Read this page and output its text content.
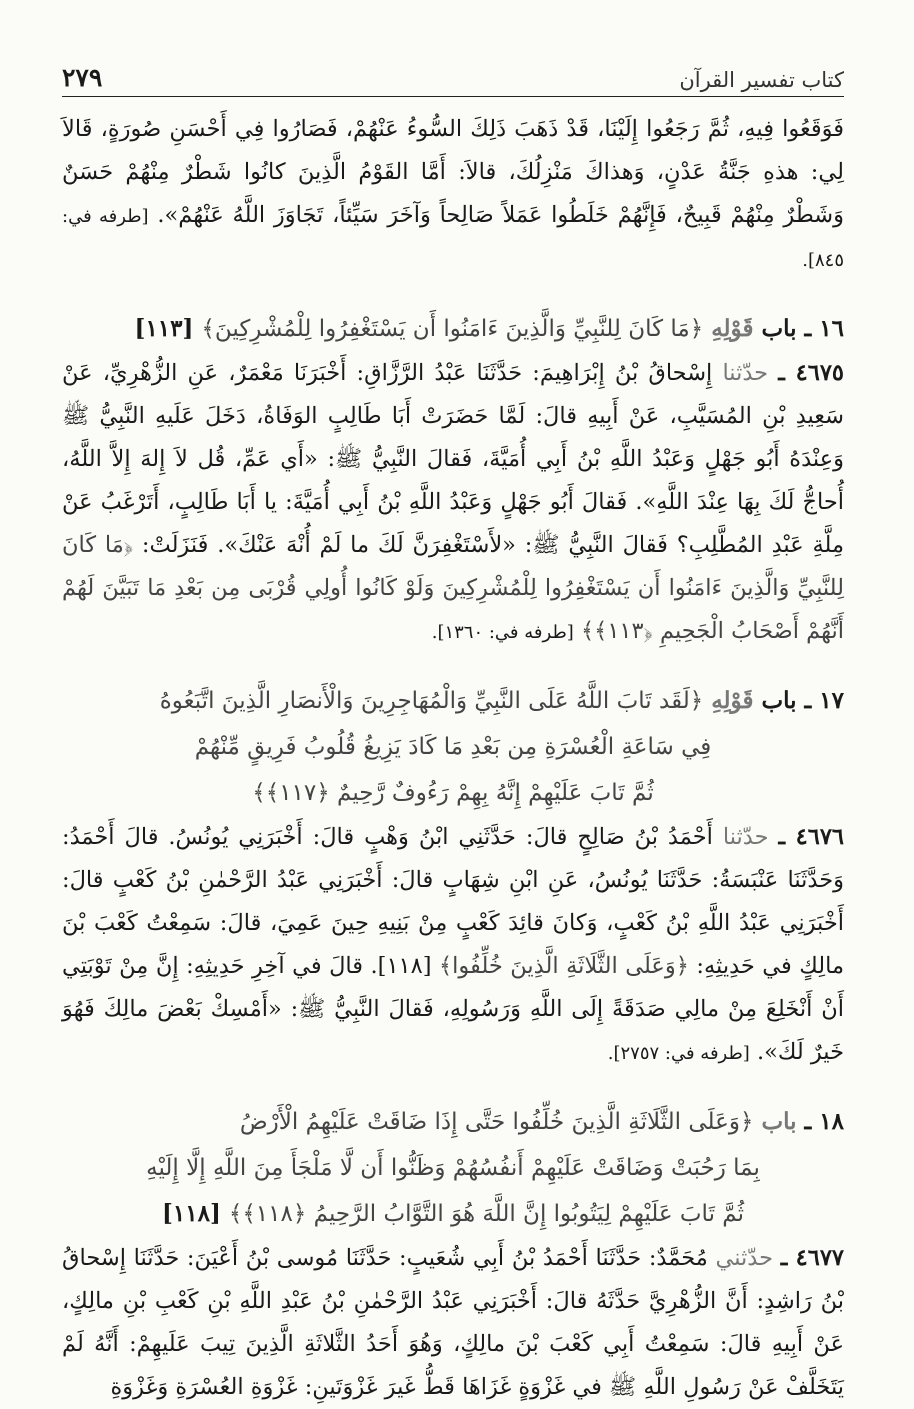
كتاب تفسير القرآن
٢٧٩

فَوَقَعُوا فِيهِ، ثُمَّ رَجَعُوا إِلَيْنَا، قَدْ ذَهَبَ ذَلِكَ السُّوءُ عَنْهُمْ، فَصَارُوا فِي أَحْسَنِ صُورَةٍ، قَالاَ لِي: هذهِ جَنَّةُ عَدْنٍ، وَهذاكَ مَنْزِلُكَ، قالاَ: أَمَّا القَوْمُ الَّذِينَ كانُوا شَطْرٌ مِنْهُمْ حَسَنٌ وَشَطْرٌ مِنْهُمْ قَبِيحٌ، فَإِنَّهُمْ خَلَطُوا عَمَلاً صَالِحاً وَآخَرَ سَيِّئاً، تَجَاوَزَ اللَّهُ عَنْهُمْ». [طرفه في: ٨٤٥].

١٦ ـ باب قَوْلِهِ ﴿مَا كَانَ لِلنَّبِيِّ وَالَّذِينَ ءَامَنُوا أَن يَسْتَغْفِرُوا لِلْمُشْرِكِينَ﴾ [١١٣]

٤٦٧٥ ـ حدّثنا إِسْحاقُ بْنُ إِبْرَاهِيمَ: حَدَّثَنَا عَبْدُ الرَّزَّاقِ: أَخْبَرَنَا مَعْمَرٌ، عَنِ الزُّهْرِيِّ، عَنْ سَعِيدِ بْنِ المُسَيَّبِ، عَنْ أَبِيهِ قالَ: لَمَّا حَضَرَتْ أَبَا طَالِبٍ الوَفَاةُ، دَخَلَ عَلَيهِ النَّبِيُّ ﷺ وَعِنْدَهُ أَبُو جَهْلٍ وَعَبْدُ اللَّهِ بْنُ أَبِي أُمَيَّةَ، فَقالَ النَّبِيُّ ﷺ: «أَي عَمِّ، قُل لاَ إِلهَ إِلاَّ اللَّهُ، أُحاجُّ لَكَ بِهَا عِنْدَ اللَّهِ». فَقالَ أَبُو جَهْلٍ وَعَبْدُ اللَّهِ بْنُ أَبِي أُمَيَّةَ: يا أَبَا طَالِبٍ، أَتَرْغَبُ عَنْ مِلَّةِ عَبْدِ المُطَّلِبِ؟ فَقالَ النَّبِيُّ ﷺ: «لأَسْتَغْفِرَنَّ لَكَ ما لَمْ أُنْهَ عَنْكَ». فَنَزَلَتْ: ﴿مَا كَانَ لِلنَّبِيِّ وَالَّذِينَ ءَامَنُوا أَن يَسْتَغْفِرُوا لِلْمُشْرِكِينَ وَلَوْ كَانُوا أُولِي قُرْبَى مِن بَعْدِ مَا تَبَيَّنَ لَهُمْ أَنَّهُمْ أَصْحَابُ الْجَحِيمِ ﴿١١٣﴾﴾ [طرفه في: ١٣٦٠].

١٧ ـ باب قَوْلِهِ ﴿لَقَد تَابَ اللَّهُ عَلَى النَّبِيِّ وَالْمُهَاجِرِينَ وَالْأَنصَارِ الَّذِينَ اتَّبَعُوهُ

فِي سَاعَةِ الْعُسْرَةِ مِن بَعْدِ مَا كَادَ يَزِيغُ قُلُوبُ فَرِيقٍ مِّنْهُمْ

ثُمَّ تَابَ عَلَيْهِمْ إِنَّهُ بِهِمْ رَءُوفٌ رَّحِيمٌ ﴿١١٧﴾﴾

٤٦٧٦ ـ حدّثنا أَحْمَدُ بْنُ صَالِحٍ قالَ: حَدَّثَنِي ابْنُ وَهْبٍ قالَ: أَخْبَرَنِي يُونُسُ. قالَ أَحْمَدُ: وَحَدَّثَنَا عَنْبَسَةُ: حَدَّثَنَا يُونُسُ، عَنِ ابْنِ شِهَابٍ قالَ: أَخْبَرَنِي عَبْدُ الرَّحْمٰنِ بْنُ كَعْبٍ قالَ: أَخْبَرَنِي عَبْدُ اللَّهِ بْنُ كَعْبٍ، وَكانَ قائِدَ كَعْبٍ مِنْ بَنِيهِ حِينَ عَمِيَ، قالَ: سَمِعْتُ كَعْبَ بْنَ مالِكٍ في حَدِيثِهِ: ﴿وَعَلَى الثَّلَاثَةِ الَّذِينَ خُلِّفُوا﴾ [١١٨]. قالَ في آخِرِ حَدِيثِهِ: إِنَّ مِنْ تَوْبَتِي أَنْ أَنْخَلِعَ مِنْ مالِي صَدَقَةً إِلَى اللَّهِ وَرَسُولِهِ، فَقالَ النَّبِيُّ ﷺ: «أَمْسِكْ بَعْضَ مالِكَ فَهُوَ خَيرٌ لَكَ». [طرفه في: ٢٧٥٧].

١٨ ـ باب ﴿وَعَلَى الثَّلَاثَةِ الَّذِينَ خُلِّفُوا حَتَّى إِذَا ضَاقَتْ عَلَيْهِمُ الْأَرْضُ

بِمَا رَحُبَتْ وَضَاقَتْ عَلَيْهِمْ أَنفُسُهُمْ وَظَنُّوا أَن لَّا مَلْجَأَ مِنَ اللَّهِ إِلَّا إِلَيْهِ

ثُمَّ تَابَ عَلَيْهِمْ لِيَتُوبُوا إِنَّ اللَّهَ هُوَ التَّوَّابُ الرَّحِيمُ ﴿١١٨﴾﴾ [١١٨]

٤٦٧٧ ـ حدّثني مُحَمَّدٌ: حَدَّثَنَا أَحْمَدُ بْنُ أَبِي شُعَيبٍ: حَدَّثَنَا مُوسى بْنُ أَعْيَنَ: حَدَّثَنَا إِسْحاقُ بْنُ رَاشِدٍ: أَنَّ الزُّهْرِيَّ حَدَّثَهُ قالَ: أَخْبَرَنِي عَبْدُ الرَّحْمٰنِ بْنُ عَبْدِ اللَّهِ بْنِ كَعْبِ بْنِ مالِكٍ، عَنْ أَبِيهِ قالَ: سَمِعْتُ أَبِي كَعْبَ بْنَ مالِكٍ، وَهُوَ أَحَدُ الثَّلاثَةِ الَّذِينَ تِيبَ عَلَيهِمْ: أَنَّهُ لَمْ يَتَخَلَّفْ عَنْ رَسُولِ اللَّهِ ﷺ في غَزْوَةٍ غَزَاهَا قَطُّ غَيرَ غَزْوَتَينِ: غَزْوَةِ العُسْرَةِ وَغَزْوَةِ
